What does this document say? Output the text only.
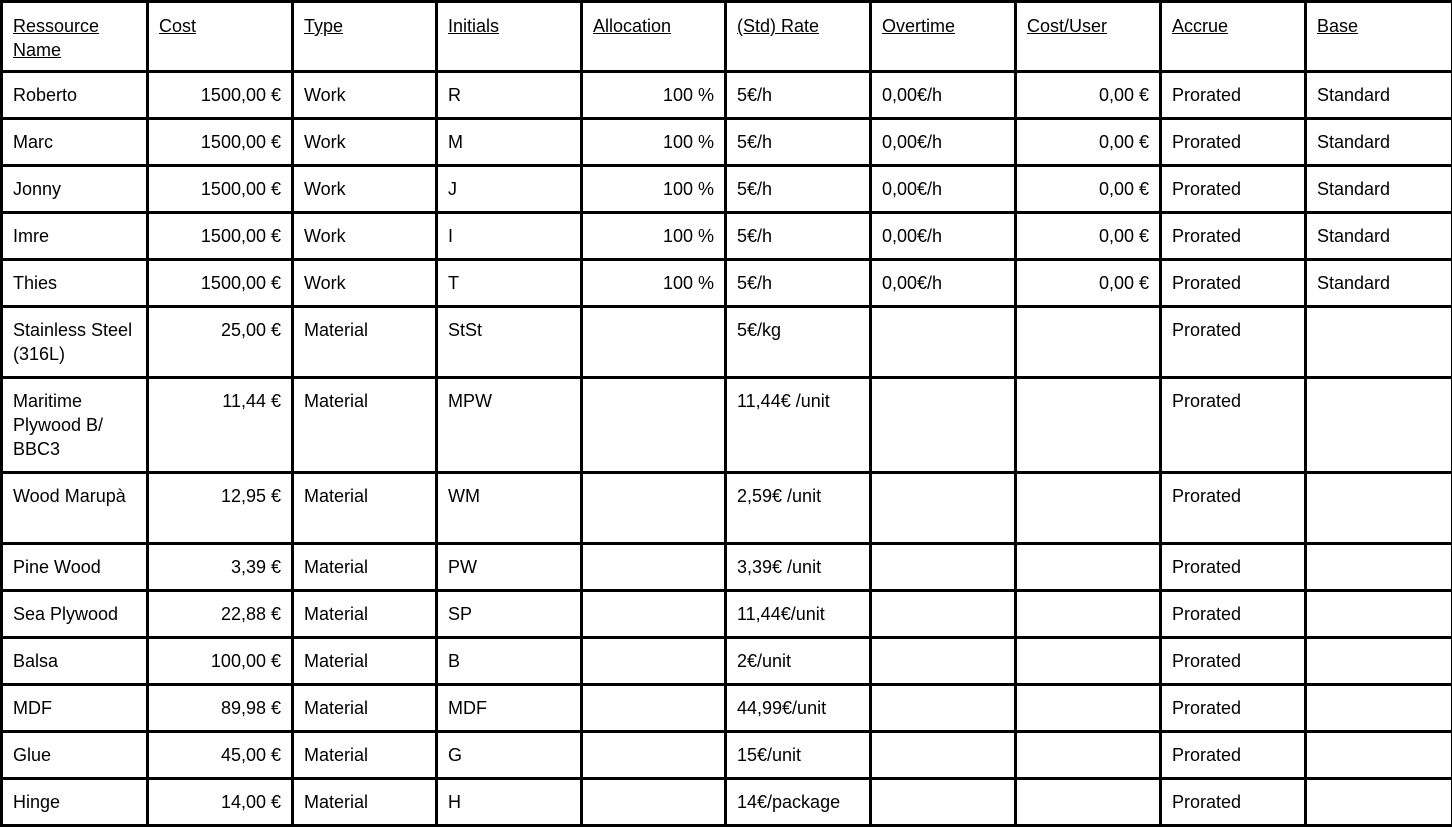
Ressource Name	Cost	Type	Initials	Allocation	(Std) Rate	Overtime	Cost/User	Accrue	Base
Roberto	1500,00 €	Work	R	100 %	5€/h	0,00€/h	0,00 €	Prorated	Standard
Marc	1500,00 €	Work	M	100 %	5€/h	0,00€/h	0,00 €	Prorated	Standard
Jonny	1500,00 €	Work	J	100 %	5€/h	0,00€/h	0,00 €	Prorated	Standard
Imre	1500,00 €	Work	I	100 %	5€/h	0,00€/h	0,00 €	Prorated	Standard
Thies	1500,00 €	Work	T	100 %	5€/h	0,00€/h	0,00 €	Prorated	Standard
Stainless Steel (316L)	25,00 €	Material	StSt		5€/kg			Prorated	
Maritime Plywood B/ BBC3	11,44 €	Material	MPW		11,44€ /unit			Prorated	
Wood Marupà	12,95 €	Material	WM		2,59€ /unit			Prorated	
Pine Wood	3,39 €	Material	PW		3,39€ /unit			Prorated	
Sea Plywood	22,88 €	Material	SP		11,44€/unit			Prorated	
Balsa	100,00 €	Material	B		2€/unit			Prorated	
MDF	89,98 €	Material	MDF		44,99€/unit			Prorated	
Glue	45,00 €	Material	G		15€/unit			Prorated	
Hinge	14,00 €	Material	H		14€/package			Prorated	
